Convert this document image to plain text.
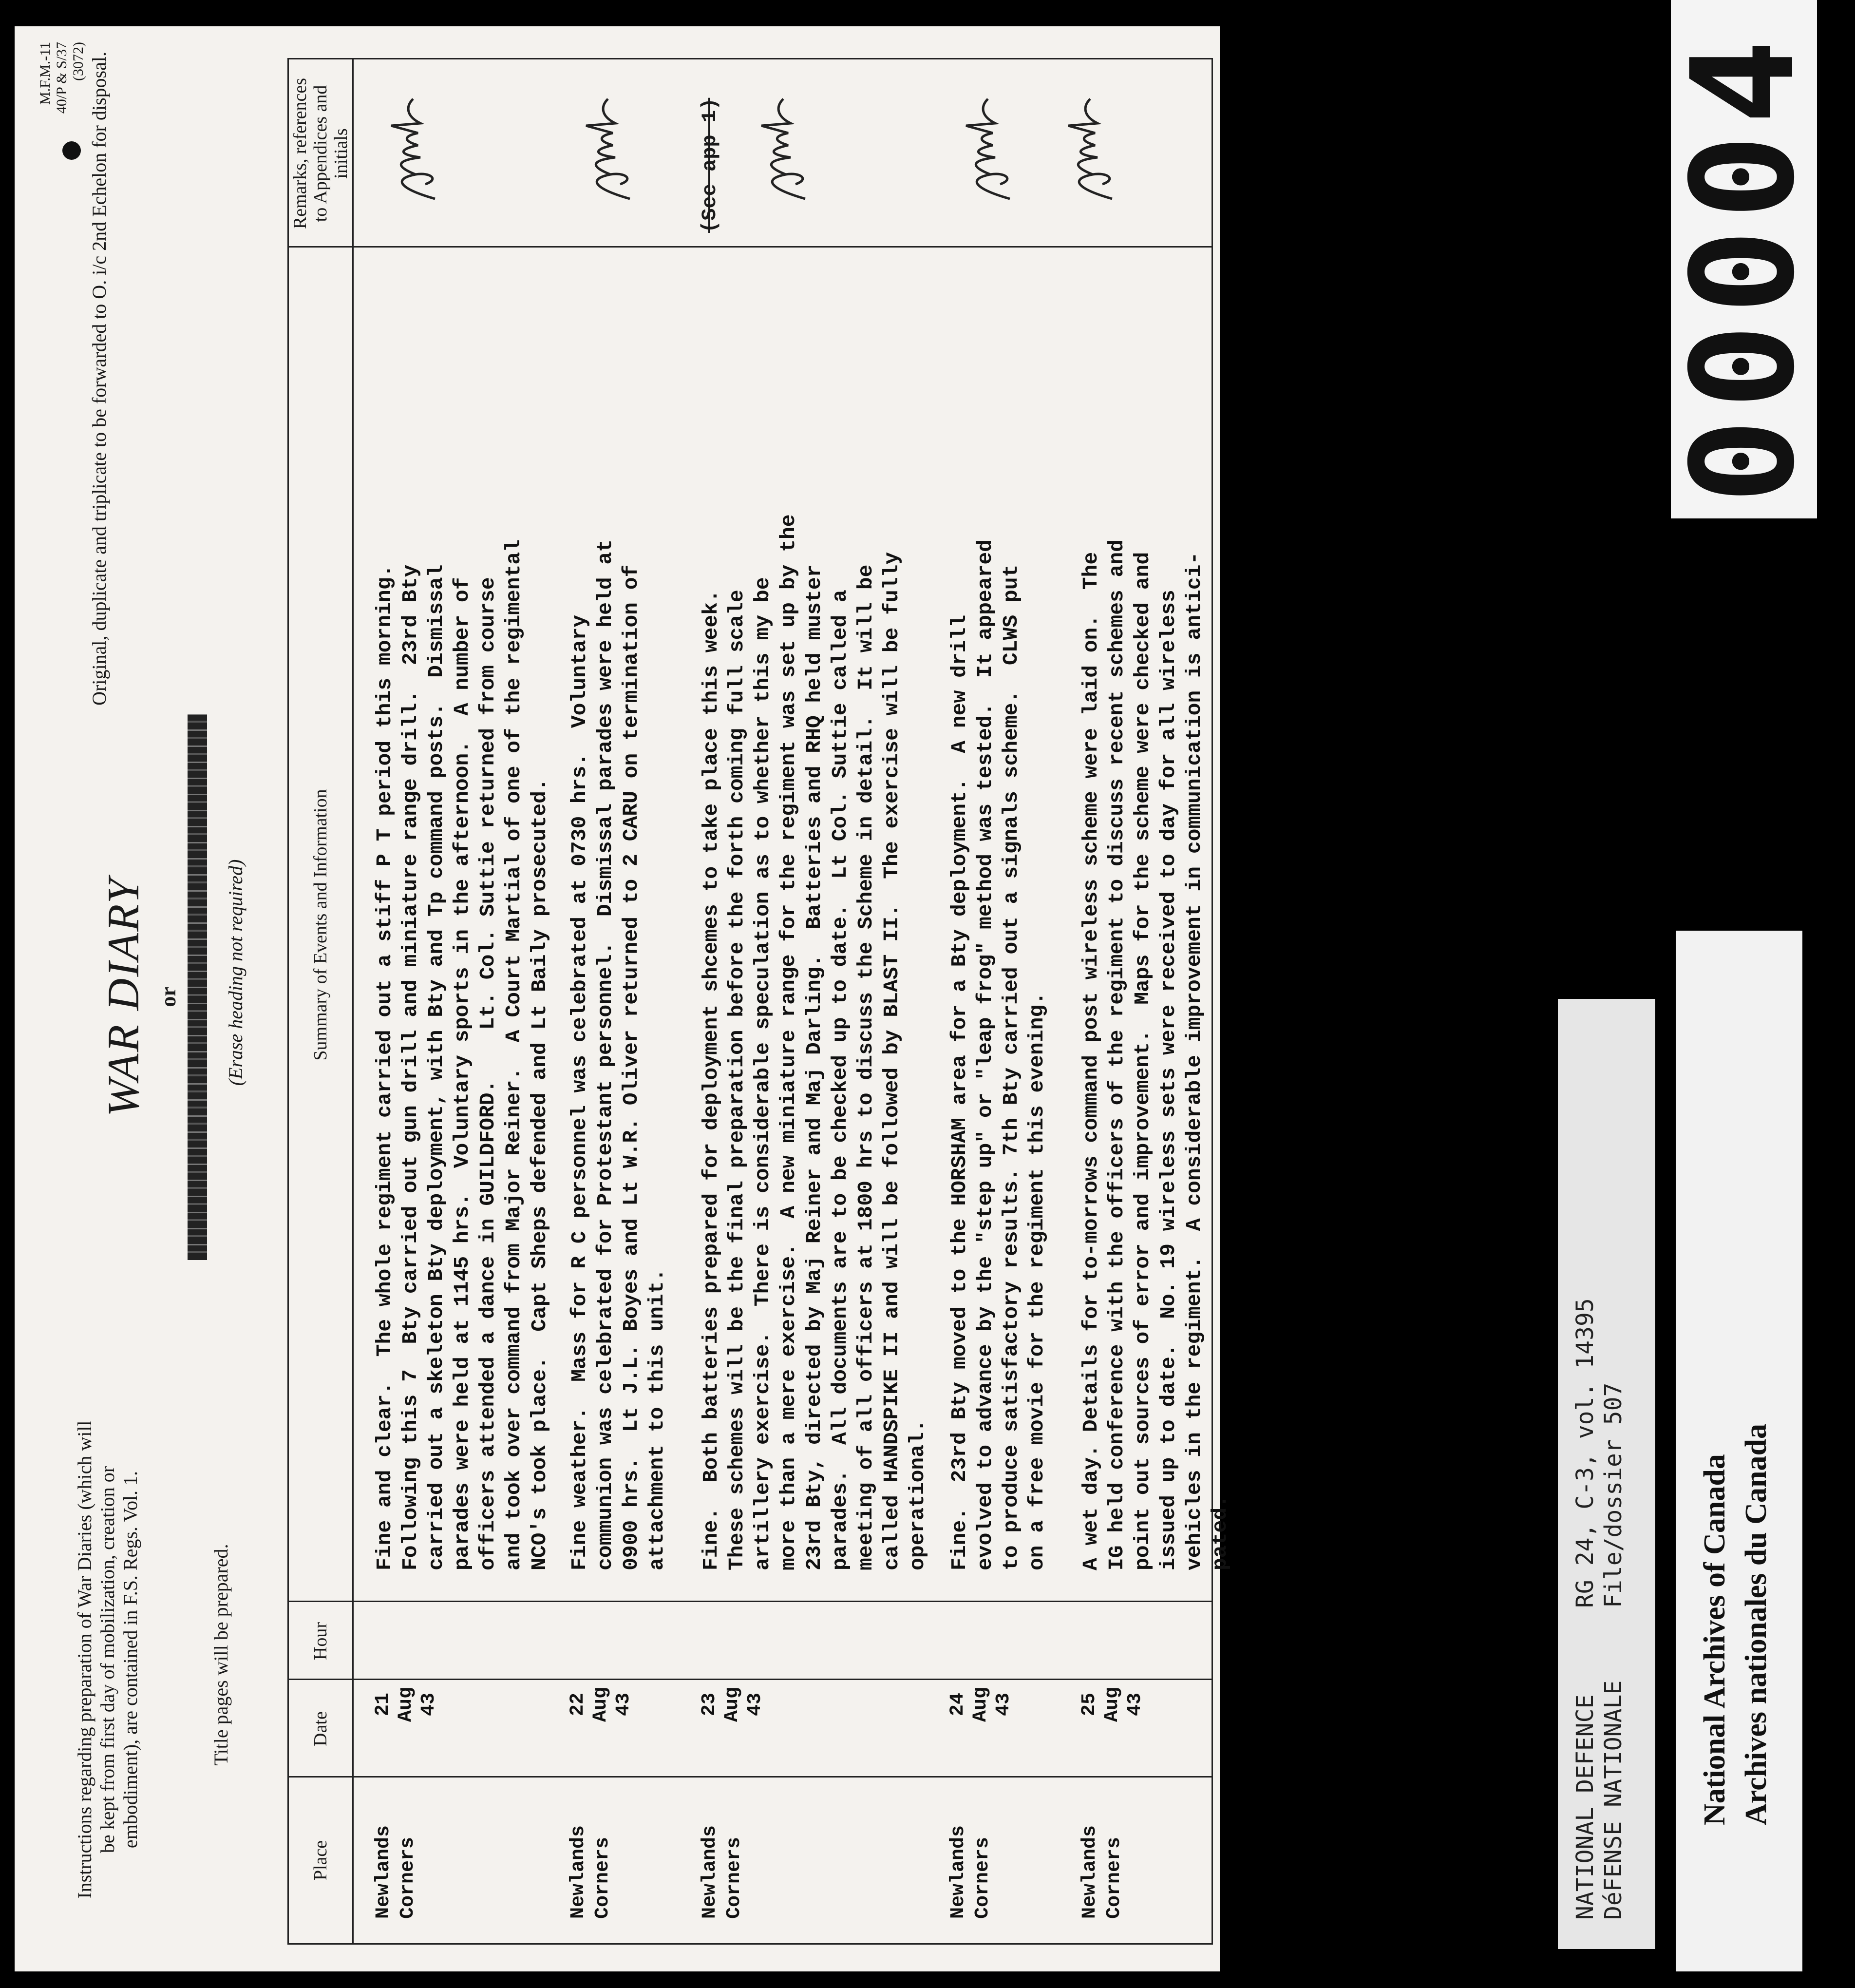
M.F.M.-11 40/P & S/37 (3072) Original, duplicate and triplicate to be forwarded to O. i/c 2nd Echelon for disposal.
Instructions regarding preparation of War Diaries (which will be kept from first day of mobilization, creation or embodiment), are contained in F.S. Regs. Vol. 1.	Title pages will be prepared.
WAR DIARY or (Erase heading not required)
Place
Date
Hour
Summary of Events and Information
Remarks, references to Appendices and initials
Newlands
Corners
21
Aug
43
Fine and clear.  The whole regiment carried out a stiff P T period this morning.
Following this 7  Bty carried out gun drill and miniature range drill.  23rd Bty
carried out a skeleton Bty deployment, with Bty and Tp command posts.  Dismissal
parades were held at 1145 hrs.  Voluntary sports in the afternoon.  A number of
officers attended a dance in GUILDFORD.    Lt. Col. Suttie returned from course
and took over command from Major Reiner.  A Court Martial of one of the regimental
NCO's took place.  Capt Sheps defended and Lt Baily prosecuted.
Newlands
Corners
22
Aug
43
Fine weather.  Mass for R C personnel was celebrated at 0730 hrs.  Voluntary
communion was celebrated for Protestant personnel.  Dismissal parades were held at
0900 hrs.  Lt J.L. Boyes and Lt W.R. Oliver returned to 2 CARU on termination of
attachment to this unit.
Newlands
Corners
23
Aug
43
Fine.  Both batteries prepared for deployment shcemes to take place this week.
These schemes will be the final preparation before the forth coming full scale
artillery exercise.  There is considerable speculation as to whether this my be
more than a mere exercise.  A new miniature range for the regiment was set up by the
23rd Bty, directed by Maj Reiner and Maj Darling.  Batteries and RHQ held muster
parades.  All documents are to be checked up to date.  Lt Col. Suttie called a
meeting of all officers at 1800 hrs to discuss the Scheme in detail.  It will be
called HANDSPIKE II and will be followed by BLAST II.  The exercise will be fully
operational.
(See app 1)
Newlands
Corners
24
Aug
43
Fine.  23rd Bty moved to the HORSHAM area for a Bty deployment.  A new drill
evolved to advance by the "step up" or "leap frog" method was tested.  It appeared
to produce satisfactory results. 7th Bty carried out a signals scheme.  CLWS put
on a free movie for the regiment this evening.
Newlands
Corners
25
Aug
43
A wet day. Details for to-morrows command post wireless scheme were laid on.  The
IG held conference with the officers of the regiment to discuss recent schemes and
point out sources of error and improvement.  Maps for the scheme were checked and
issued up to date.  No. 19 wireless sets were received to day for all wireless
vehicles in the regiment.  A considerable improvement in communication is antici-
pated.
NATIONAL DEFENCE DéFENSE NATIONALE
RG 24, C-3, vol. 14395 File/dossier 507 National Archives of Canada Archives nationales du Canada
00004
